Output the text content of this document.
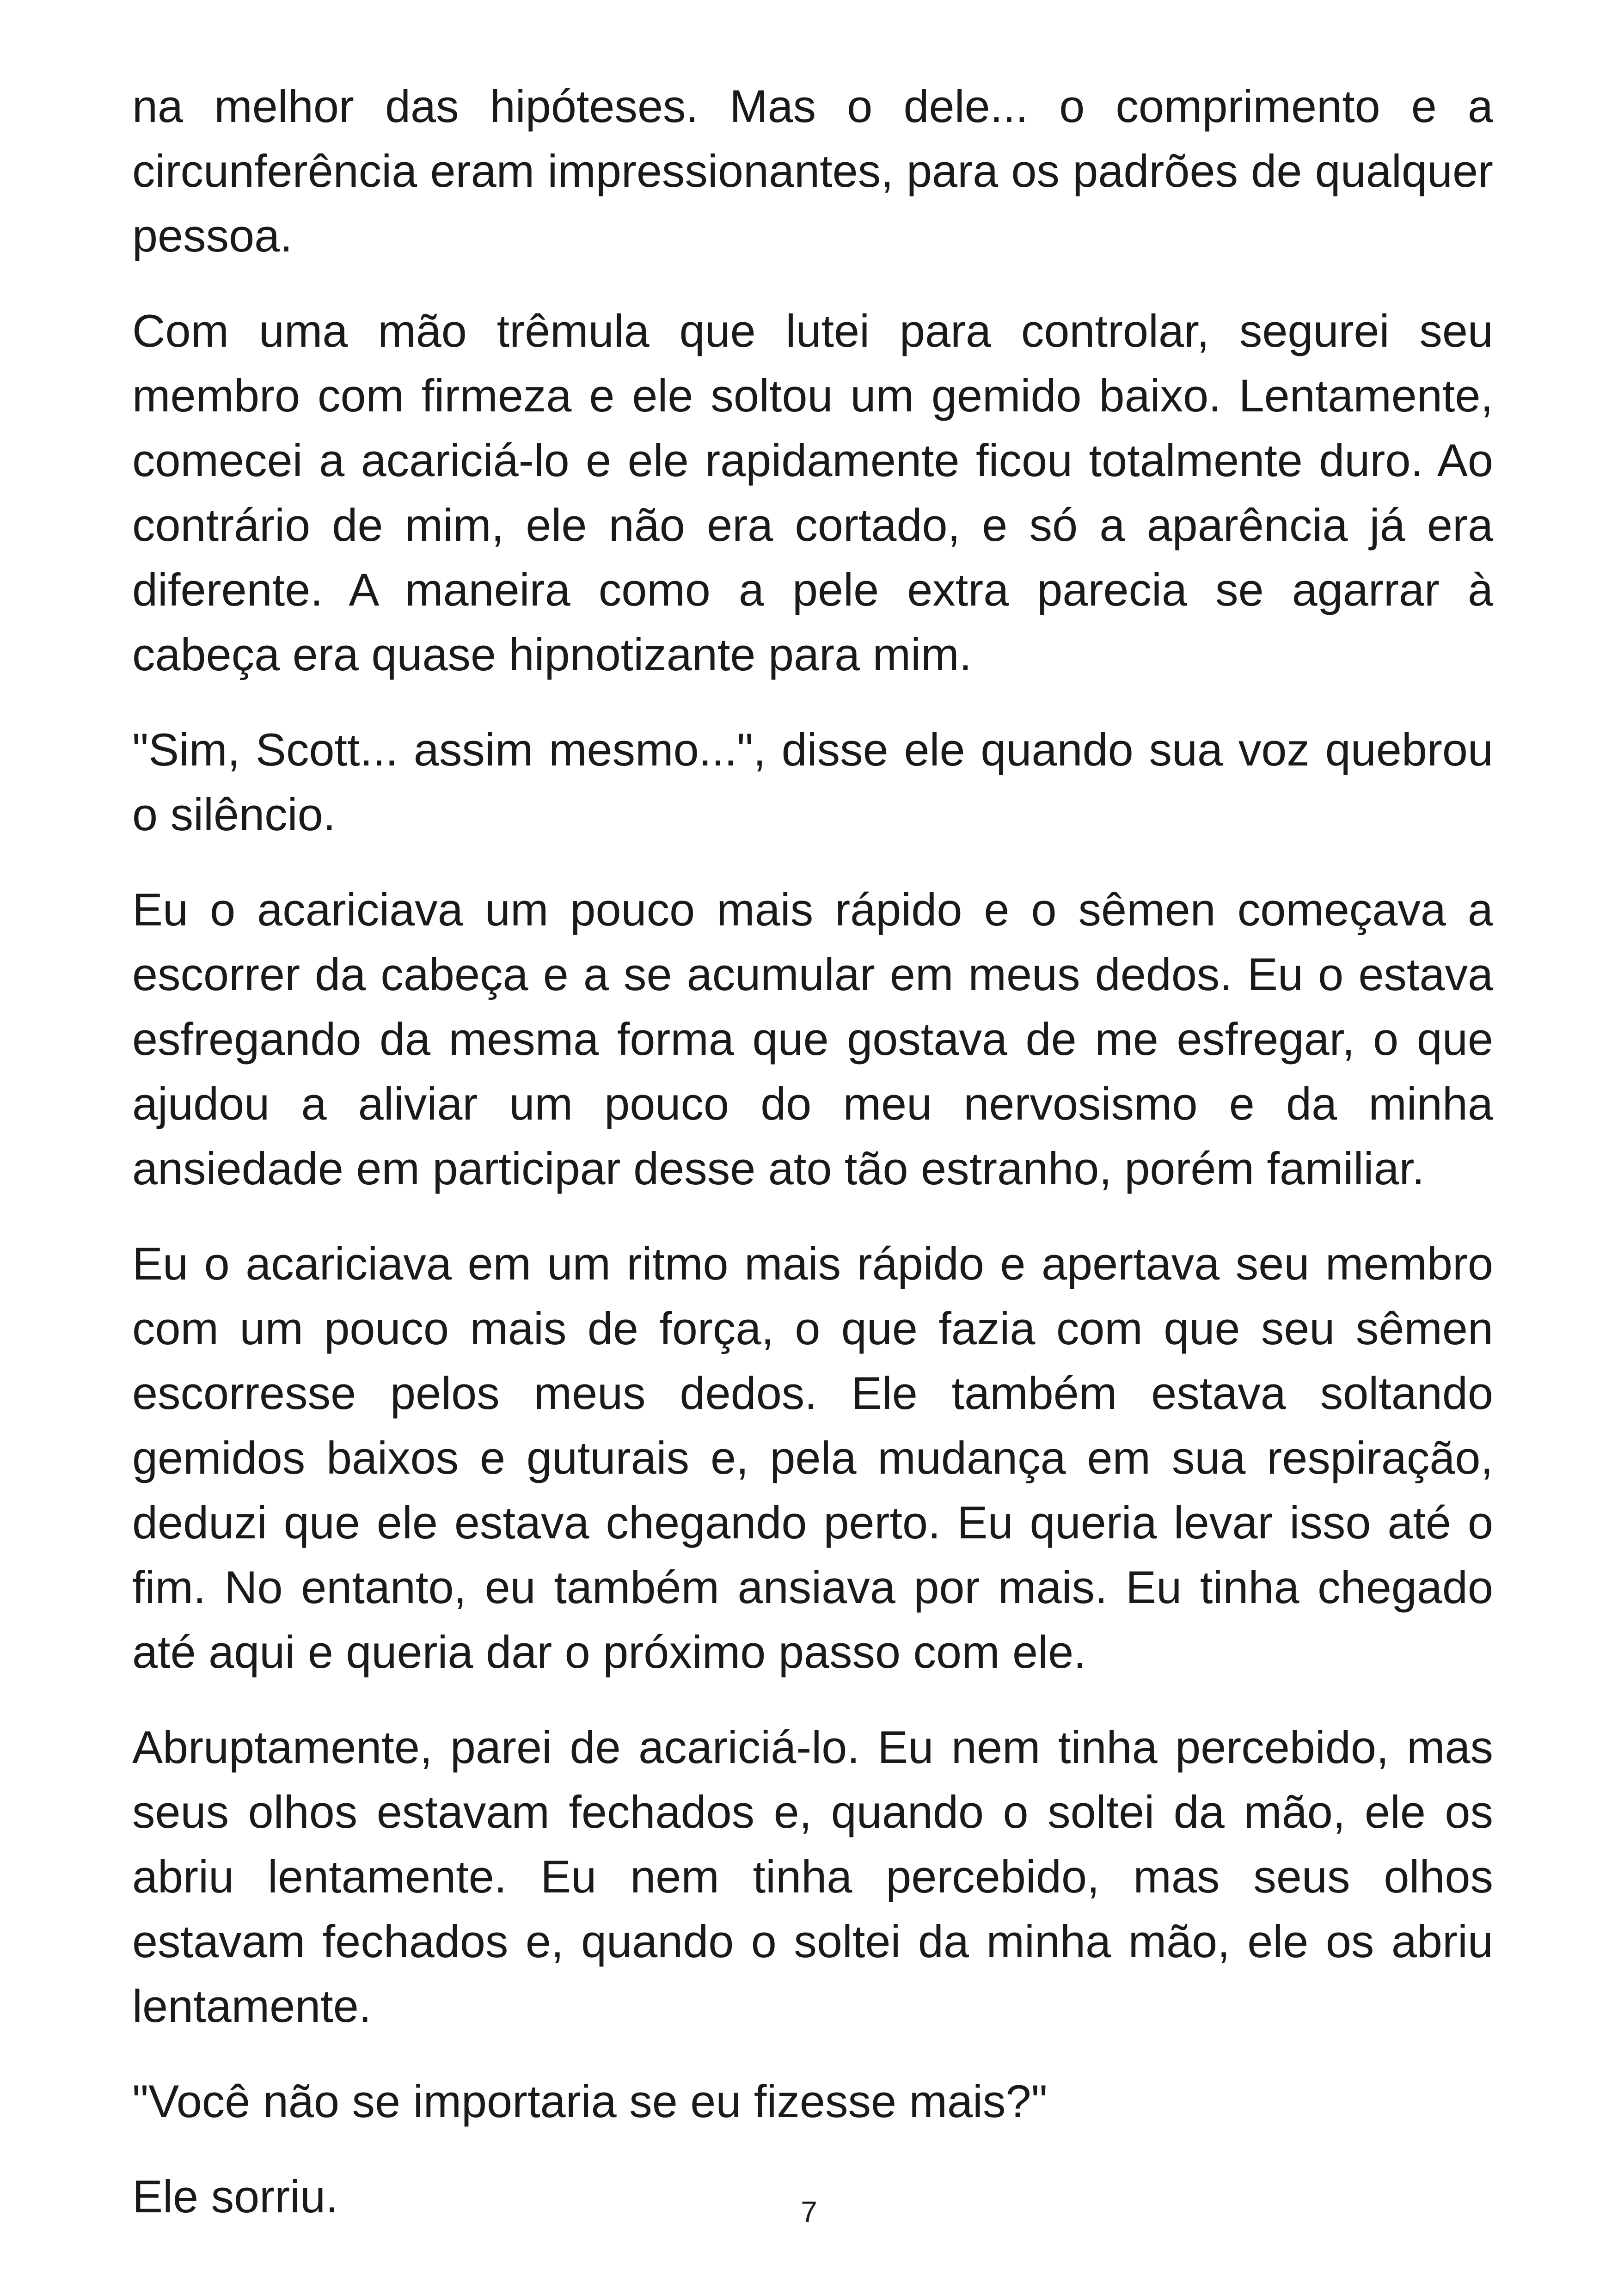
na melhor das hipóteses. Mas o dele... o comprimento e a circunferência eram impressionantes, para os padrões de qualquer pessoa.

Com uma mão trêmula que lutei para controlar, segurei seu membro com firmeza e ele soltou um gemido baixo. Lentamente, comecei a acariciá-lo e ele rapidamente ficou totalmente duro. Ao contrário de mim, ele não era cortado, e só a aparência já era diferente. A maneira como a pele extra parecia se agarrar à cabeça era quase hipnotizante para mim.

"Sim, Scott... assim mesmo...", disse ele quando sua voz quebrou o silêncio.

Eu o acariciava um pouco mais rápido e o sêmen começava a escorrer da cabeça e a se acumular em meus dedos. Eu o estava esfregando da mesma forma que gostava de me esfregar, o que ajudou a aliviar um pouco do meu nervosismo e da minha ansiedade em participar desse ato tão estranho, porém familiar.

Eu o acariciava em um ritmo mais rápido e apertava seu membro com um pouco mais de força, o que fazia com que seu sêmen escorresse pelos meus dedos. Ele também estava soltando gemidos baixos e guturais e, pela mudança em sua respiração, deduzi que ele estava chegando perto. Eu queria levar isso até o fim. No entanto, eu também ansiava por mais. Eu tinha chegado até aqui e queria dar o próximo passo com ele.

Abruptamente, parei de acariciá-lo. Eu nem tinha percebido, mas seus olhos estavam fechados e, quando o soltei da mão, ele os abriu lentamente. Eu nem tinha percebido, mas seus olhos estavam fechados e, quando o soltei da minha mão, ele os abriu lentamente.

"Você não se importaria se eu fizesse mais?"

Ele sorriu.	7
